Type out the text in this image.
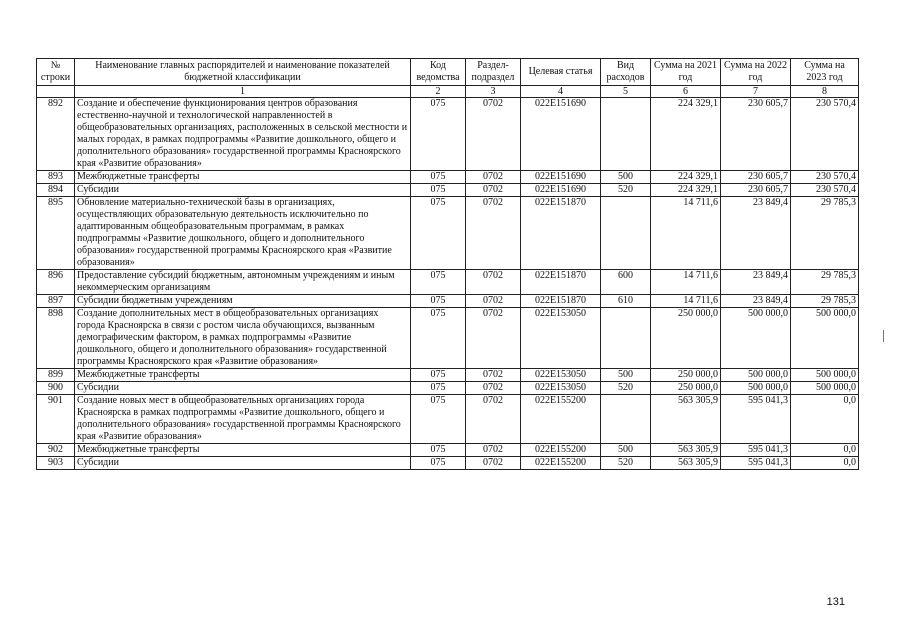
№ строки	Наименование главных распорядителей и наименование показателей бюджетной классификации	Код ведомства	Раздел-подраздел	Целевая статья	Вид расходов	Сумма на 2021 год	Сумма на 2022 год	Сумма на 2023 год
	1	2	3	4	5	6	7	8
892	Создание и обеспечение функционирования центров образования естественно-научной и технологической направленностей в общеобразовательных организациях, расположенных в сельской местности и малых городах, в рамках подпрограммы «Развитие дошкольного, общего и дополнительного образования» государственной программы Красноярского края «Развитие образования»	075	0702	022E151690		224 329,1	230 605,7	230 570,4
893	Межбюджетные трансферты	075	0702	022E151690	500	224 329,1	230 605,7	230 570,4
894	Субсидии	075	0702	022E151690	520	224 329,1	230 605,7	230 570,4
895	Обновление материально-технической базы в организациях, осуществляющих образовательную деятельность исключительно по адаптированным общеобразовательным программам, в рамках подпрограммы «Развитие дошкольного, общего и дополнительного образования» государственной программы Красноярского края «Развитие образования»	075	0702	022E151870		14 711,6	23 849,4	29 785,3
896	Предоставление субсидий бюджетным, автономным учреждениям и иным некоммерческим организациям	075	0702	022E151870	600	14 711,6	23 849,4	29 785,3
897	Субсидии бюджетным учреждениям	075	0702	022E151870	610	14 711,6	23 849,4	29 785,3
898	Создание дополнительных мест в общеобразовательных организациях города Красноярска в связи с ростом числа обучающихся, вызванным демографическим фактором, в рамках подпрограммы «Развитие дошкольного, общего и дополнительного образования» государственной программы Красноярского края «Развитие образования»	075	0702	022E153050		250 000,0	500 000,0	500 000,0
899	Межбюджетные трансферты	075	0702	022E153050	500	250 000,0	500 000,0	500 000,0
900	Субсидии	075	0702	022E153050	520	250 000,0	500 000,0	500 000,0
901	Создание новых мест в общеобразовательных организациях города Красноярска в рамках подпрограммы «Развитие дошкольного, общего и дополнительного образования» государственной программы Красноярского края «Развитие образования»	075	0702	022E155200		563 305,9	595 041,3	0,0
902	Межбюджетные трансферты	075	0702	022E155200	500	563 305,9	595 041,3	0,0
903	Субсидии	075	0702	022E155200	520	563 305,9	595 041,3	0,0
131
